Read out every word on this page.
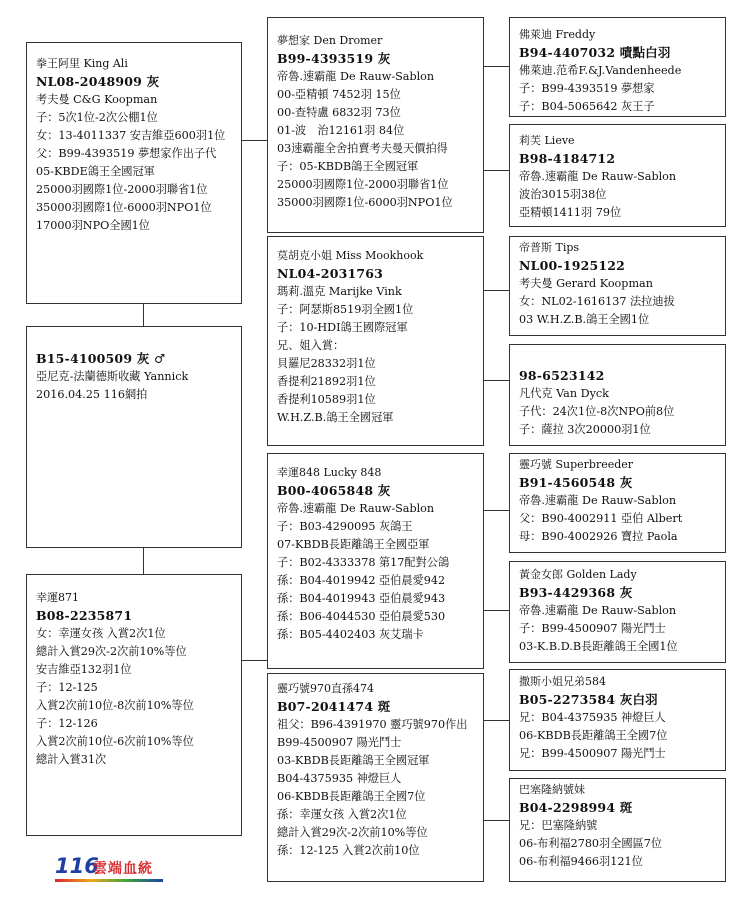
拳王阿里 King Ali
NL08-2048909 灰
考夫曼 C&G Koopman
子：5次1位-2次公棚1位
女：13-4011337 安吉維亞600羽1位
父：B99-4393519 夢想家作出子代
05-KBDE鴿王全國冠軍
25000羽國際1位-2000羽聯省1位
35000羽國際1位-6000羽NPO1位
17000羽NPO全國1位
B15-4100509 灰 ♂
亞尼克-法蘭德斯收藏 Yannick
2016.04.25 116網拍
幸運871
B08-2235871
女：幸運女孩 入賞2次1位
總計入賞29次-2次前10%等位
安吉維亞132羽1位
子：12-125
入賞2次前10位-8次前10%等位
子：12-126
入賞2次前10位-6次前10%等位
總計入賞31次
夢想家 Den Dromer
B99-4393519 灰
帝魯.速霸龍 De Rauw-Sablon
00-亞精頓 7452羽 15位
00-查特盧 6832羽 73位
01-波　治12161羽 84位
03速霸龍全舍拍賣考夫曼天價拍得
子：05-KBDB鴿王全國冠軍
25000羽國際1位-2000羽聯省1位
35000羽國際1位-6000羽NPO1位
莫胡克小姐 Miss Mookhook
NL04-2031763
瑪莉.溫克 Marijke Vink
子：阿瑟斯8519羽全國1位
子：10-HDI鴿王國際冠軍
兄、姐入賞：
貝羅尼28332羽1位
香提利21892羽1位
香提利10589羽1位
W.H.Z.B.鴿王全國冠軍
幸運848 Lucky 848
B00-4065848 灰
帝魯.速霸龍 De Rauw-Sablon
子：B03-4290095 灰鴿王
07-KBDB長距離鴿王全國亞軍
子：B02-4333378 第17配對公鴿
孫：B04-4019942 亞伯晨愛942
孫：B04-4019943 亞伯晨愛943
孫：B06-4044530 亞伯晨愛530
孫：B05-4402403 灰艾瑞卡
靈巧號970直孫474
B07-2041474 斑
祖父：B96-4391970 靈巧號970作出
B99-4500907 陽光鬥士
03-KBDB長距離鴿王全國冠軍
B04-4375935 神燈巨人
06-KBDB長距離鴿王全國7位
孫：幸運女孩 入賞2次1位
總計入賞29次-2次前10%等位
孫：12-125 入賞2次前10位
佛萊迪 Freddy
B94-4407032 嘖點白羽
佛萊迪.范希F.&J.Vandenheede
子：B99-4393519 夢想家
子：B04-5065642 灰王子
莉芙 Lieve
B98-4184712
帝魯.速霸龍 De Rauw-Sablon
波治3015羽38位
亞精頓1411羽 79位
帝普斯 Tips
NL00-1925122
考夫曼 Gerard Koopman
女：NL02-1616137 法拉迪拔
03 W.H.Z.B.鴿王全國1位
98-6523142
凡代克 Van Dyck
子代：24次1位-8次NPO前8位
子：薩拉 3次20000羽1位
靈巧號 Superbreeder
B91-4560548 灰
帝魯.速霸龍 De Rauw-Sablon
父：B90-4002911 亞伯 Albert
母：B90-4002926 寶拉 Paola
黃金女郎 Golden Lady
B93-4429368 灰
帝魯.速霸龍 De Rauw-Sablon
子：B99-4500907 陽光鬥士
03-K.B.D.B長距離鴿王全國1位
撒斯小姐兄弟584
B05-2273584 灰白羽
兄：B04-4375935 神燈巨人
06-KBDB長距離鴿王全國7位
兄：B99-4500907 陽光鬥士
巴塞隆納號妹
B04-2298994 斑
兄：巴塞隆納號
06-布利福2780羽全國區7位
06-布利福9466羽121位
116
雲端血統
